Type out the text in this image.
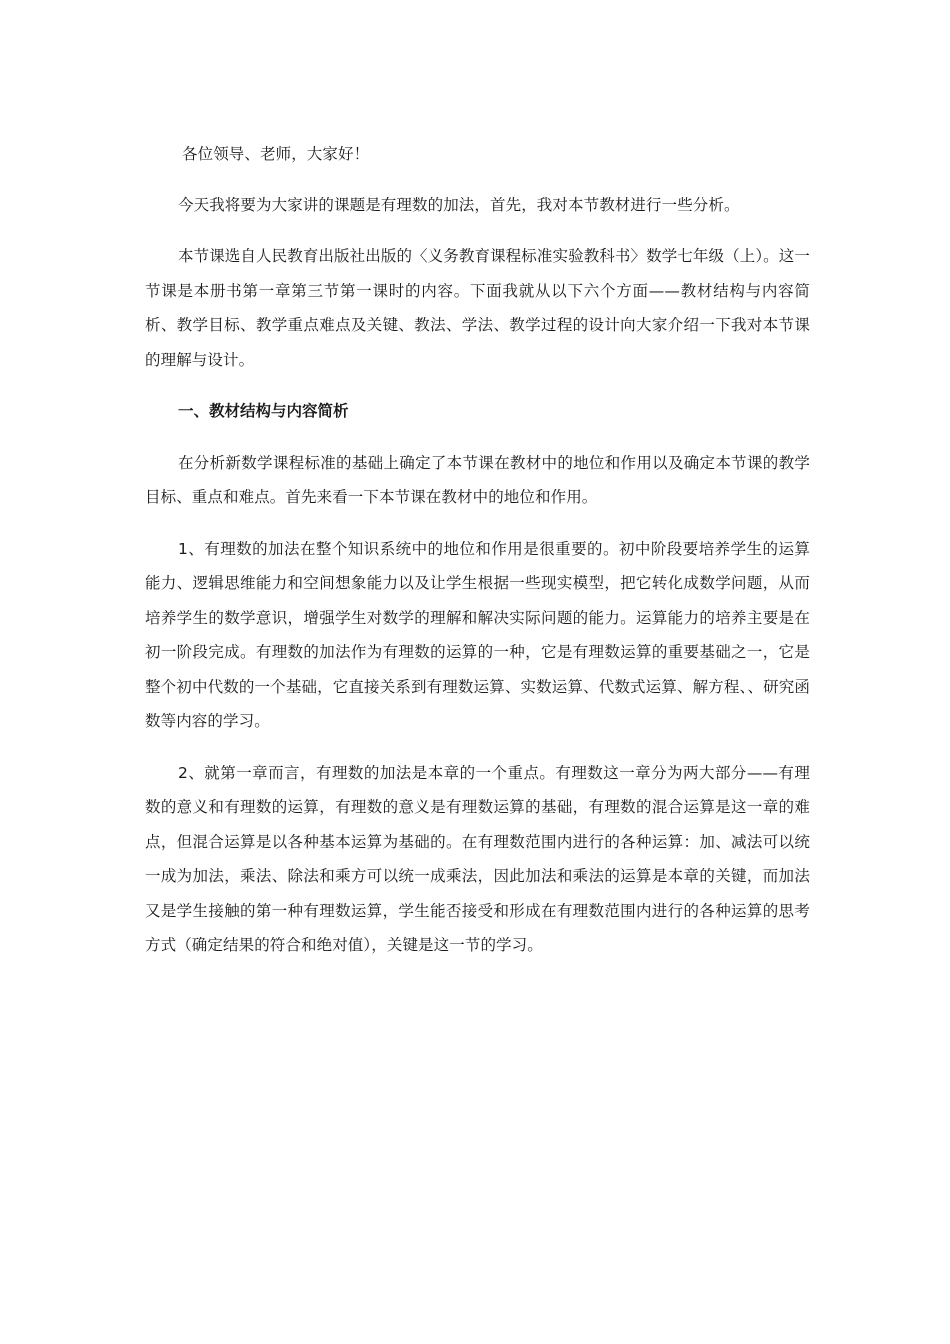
各位领导、老师，大家好！

今天我将要为大家讲的课题是有理数的加法，首先，我对本节教材进行一些分析。

本节课选自人民教育出版社出版的〈义务教育课程标准实验教科书〉数学七年级（上）。这一节课是本册书第一章第三节第一课时的内容。下面我就从以下六个方面——教材结构与内容简析、教学目标、教学重点难点及关键、教法、学法、教学过程的设计向大家介绍一下我对本节课的理解与设计。

一、教材结构与内容简析

在分析新数学课程标准的基础上确定了本节课在教材中的地位和作用以及确定本节课的教学目标、重点和难点。首先来看一下本节课在教材中的地位和作用。

1、有理数的加法在整个知识系统中的地位和作用是很重要的。初中阶段要培养学生的运算能力、逻辑思维能力和空间想象能力以及让学生根据一些现实模型，把它转化成数学问题，从而培养学生的数学意识，增强学生对数学的理解和解决实际问题的能力。运算能力的培养主要是在初一阶段完成。有理数的加法作为有理数的运算的一种，它是有理数运算的重要基础之一，它是整个初中代数的一个基础，它直接关系到有理数运算、实数运算、代数式运算、解方程、、研究函数等内容的学习。

2、就第一章而言，有理数的加法是本章的一个重点。有理数这一章分为两大部分——有理数的意义和有理数的运算，有理数的意义是有理数运算的基础，有理数的混合运算是这一章的难点，但混合运算是以各种基本运算为基础的。在有理数范围内进行的各种运算：加、减法可以统一成为加法，乘法、除法和乘方可以统一成乘法，因此加法和乘法的运算是本章的关键，而加法又是学生接触的第一种有理数运算，学生能否接受和形成在有理数范围内进行的各种运算的思考方式（确定结果的符合和绝对值），关键是这一节的学习。
